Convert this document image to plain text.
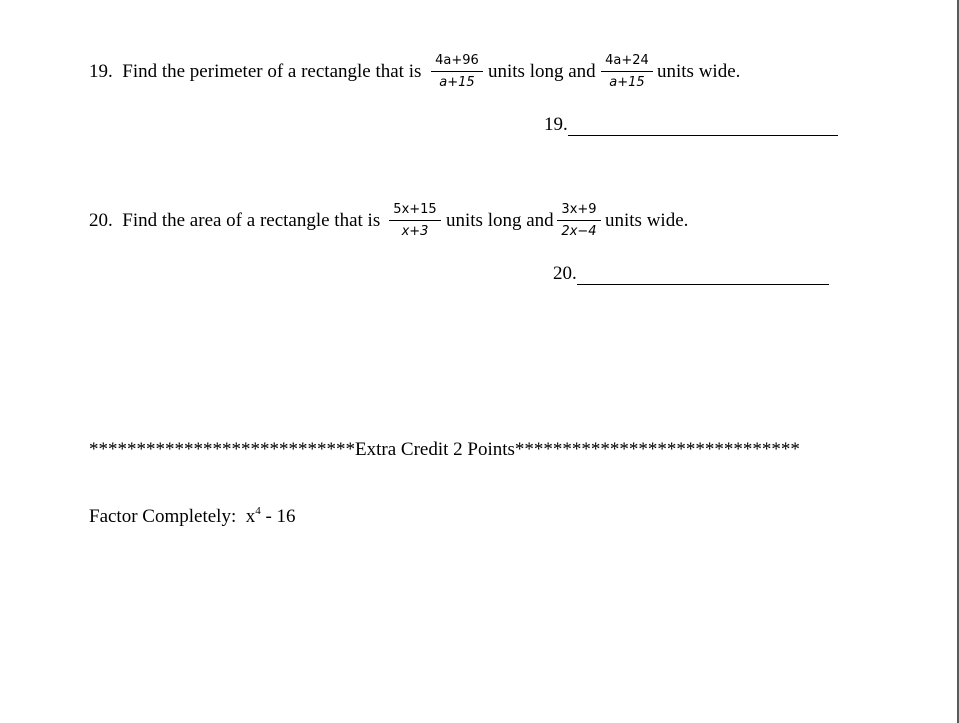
19. Find the perimeter of a rectangle that is $\frac{4a+96}{a+15}$ units long and $\frac{4a+24}{a+15}$ units wide.
19.
20. Find the area of a rectangle that is $\frac{5x+15}{x+3}$ units long and $\frac{3x+9}{2x-4}$ units wide.
20.
****************************Extra Credit 2 Points******************************
Factor Completely: $x^4 - 16$
